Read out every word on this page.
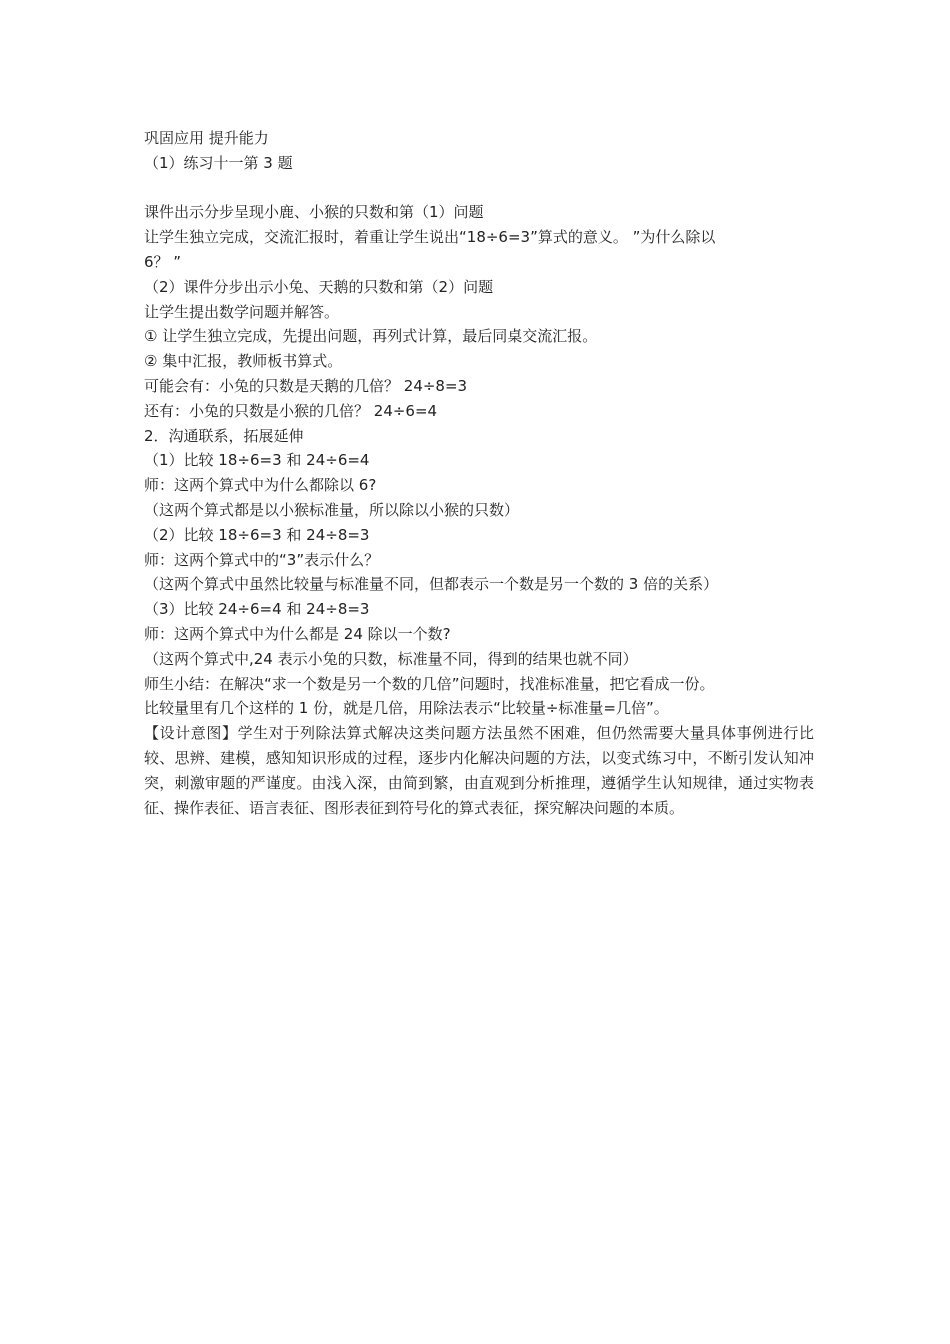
巩固应用 提升能力
（1）练习十一第 3 题
课件出示分步呈现小鹿、小猴的只数和第（1）问题
让学生独立完成，交流汇报时，着重让学生说出“18÷6=3”算式的意义。 ”为什么除以
6？ ”
（2）课件分步出示小兔、天鹅的只数和第（2）问题
让学生提出数学问题并解答。
① 让学生独立完成，先提出问题，再列式计算，最后同桌交流汇报。
② 集中汇报，教师板书算式。
可能会有：小兔的只数是天鹅的几倍？ 24÷8=3
还有：小兔的只数是小猴的几倍？ 24÷6=4
2．沟通联系，拓展延伸
（1）比较 18÷6=3 和 24÷6=4
师：这两个算式中为什么都除以 6?
（这两个算式都是以小猴标准量，所以除以小猴的只数）
（2）比较 18÷6=3 和 24÷8=3
师：这两个算式中的“3”表示什么？
（这两个算式中虽然比较量与标准量不同，但都表示一个数是另一个数的 3 倍的关系）
（3）比较 24÷6=4 和 24÷8=3
师：这两个算式中为什么都是 24 除以一个数?
（这两个算式中,24 表示小兔的只数，标准量不同，得到的结果也就不同）
师生小结：在解决“求一个数是另一个数的几倍”问题时，找准标准量，把它看成一份。
比较量里有几个这样的 1 份，就是几倍，用除法表示“比较量÷标准量=几倍”。
【设计意图】学生对于列除法算式解决这类问题方法虽然不困难，但仍然需要大量具体事例进行比较、思辨、建模，感知知识形成的过程，逐步内化解决问题的方法，以变式练习中，不断引发认知冲突，刺激审题的严谨度。由浅入深，由简到繁，由直观到分析推理，遵循学生认知规律，通过实物表征、操作表征、语言表征、图形表征到符号化的算式表征，探究解决问题的本质。
